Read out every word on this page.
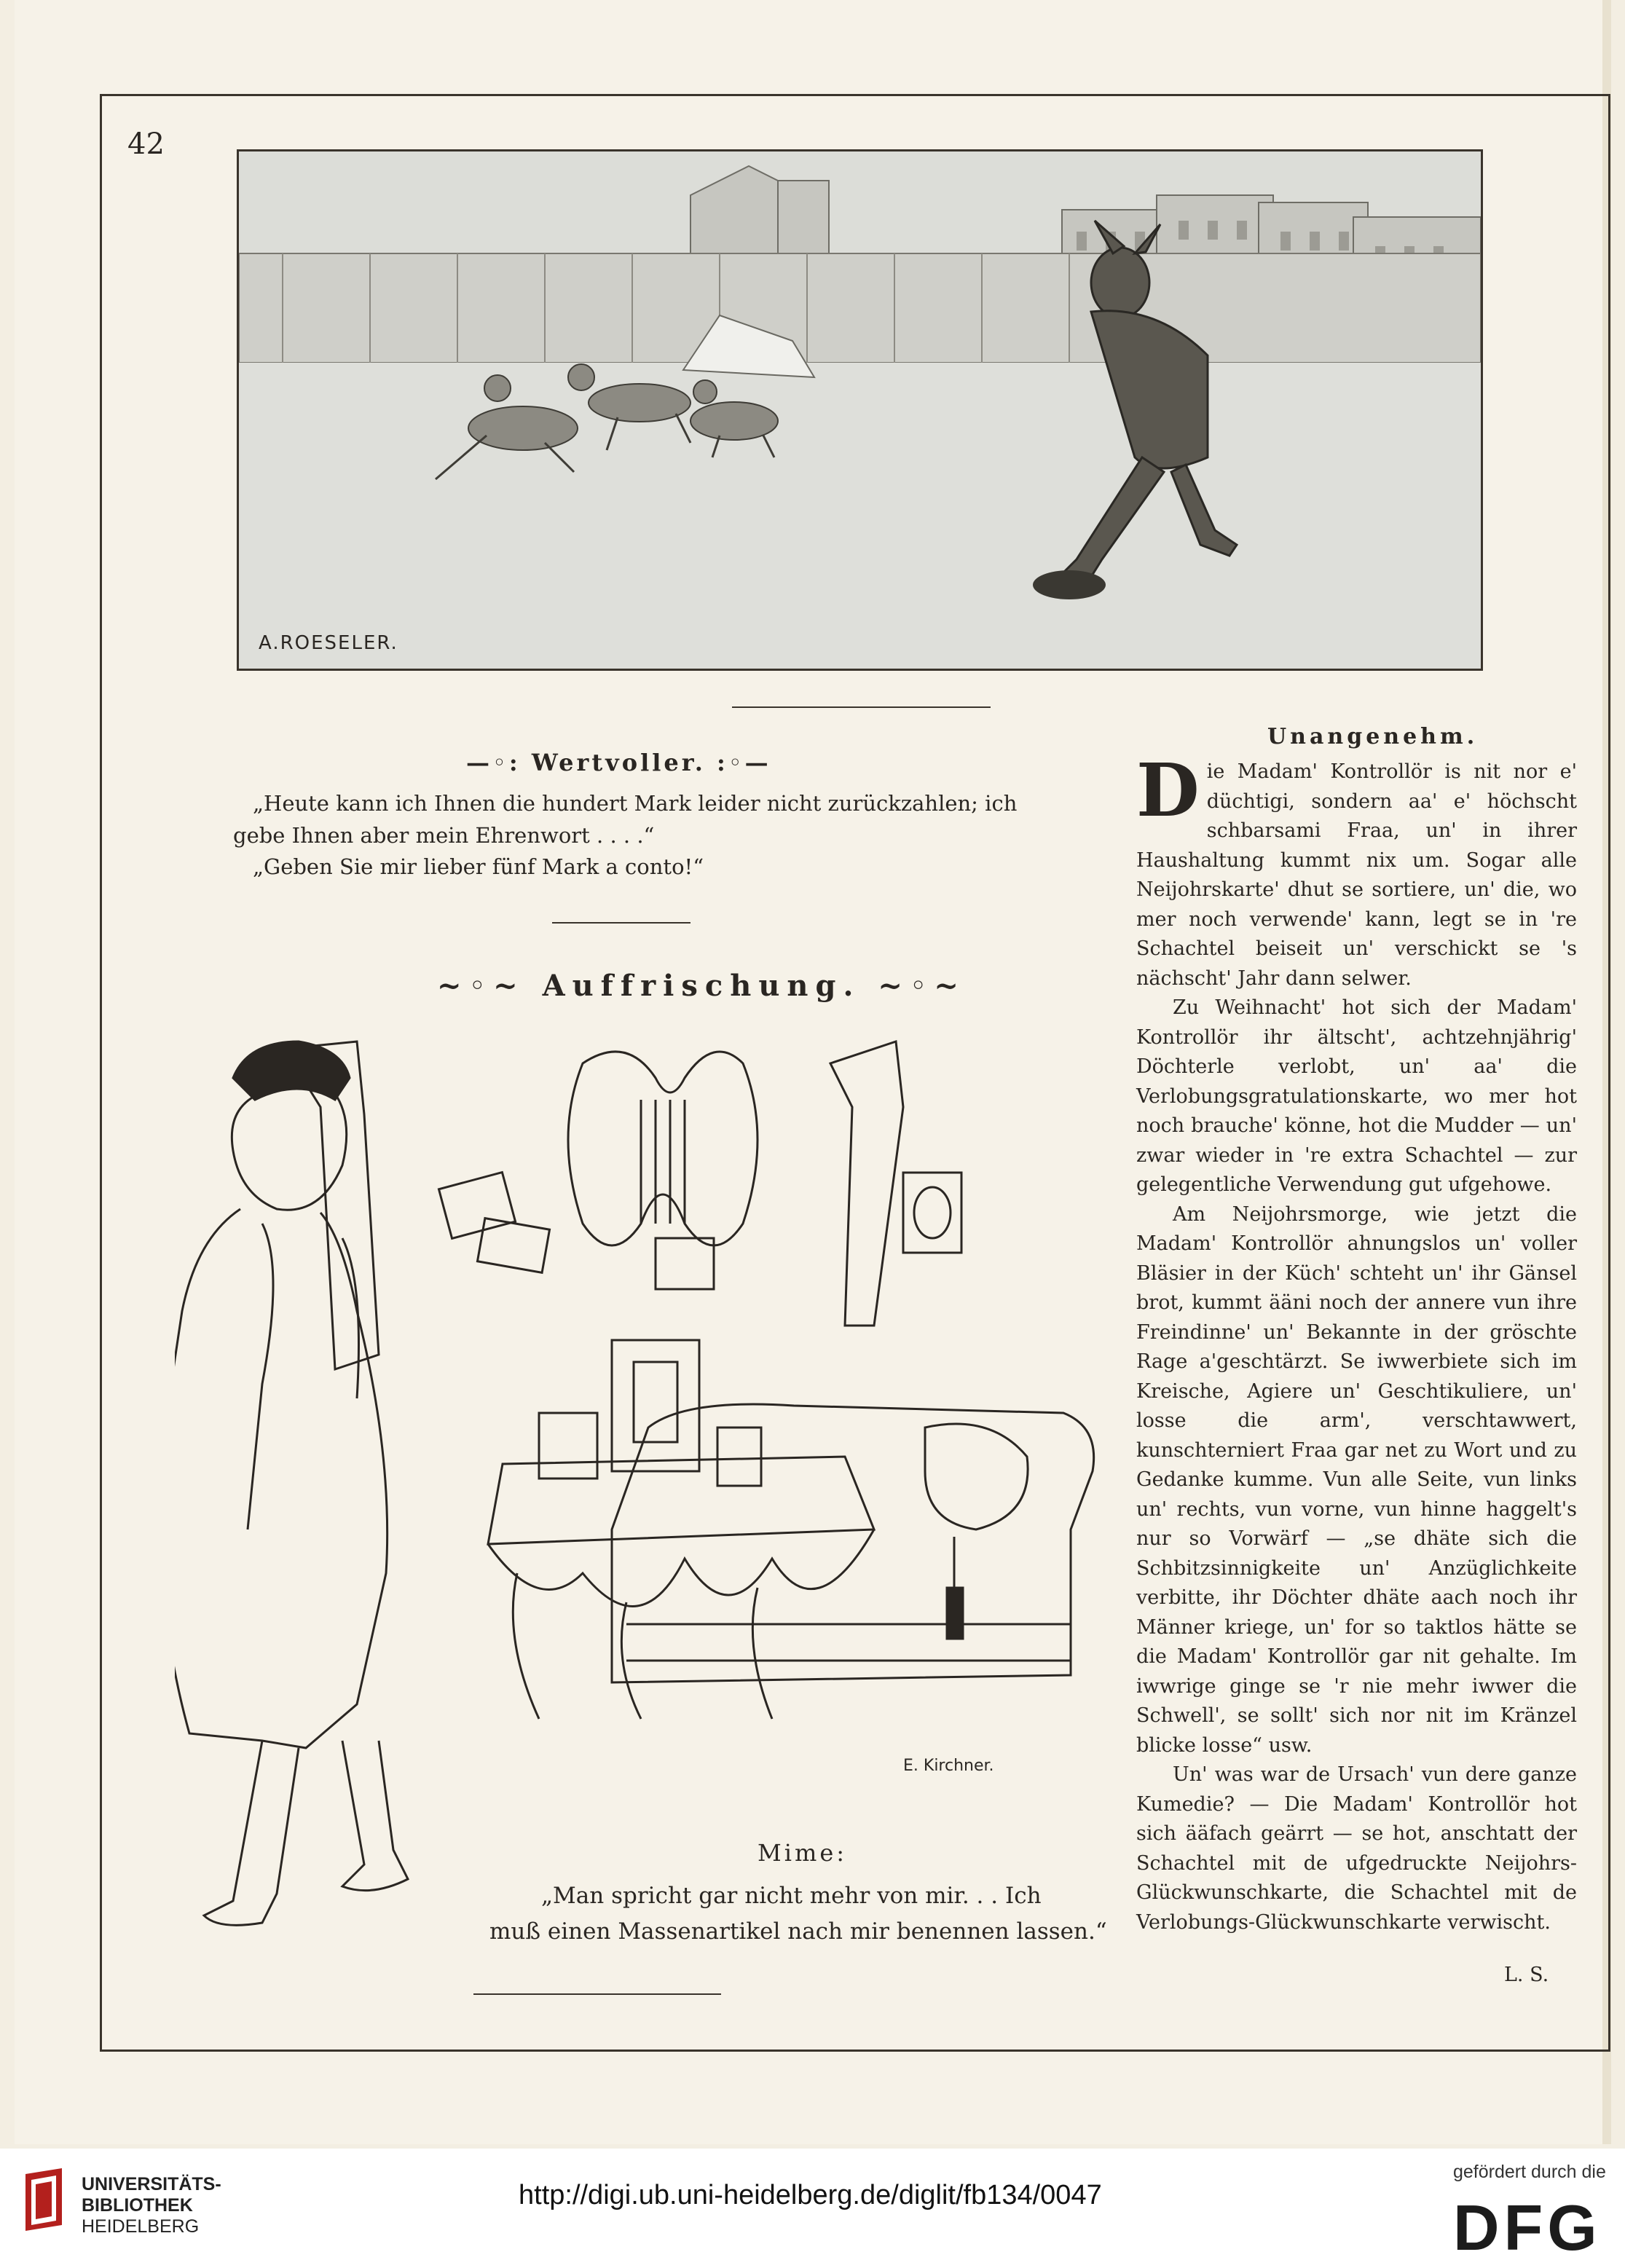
42
A.ROESELER.
—◦: Wertvoller. :◦—
„Heute kann ich Ihnen die hundert Mark leider nicht zurückzahlen; ich
gebe Ihnen aber mein Ehrenwort . . . .“
„Geben Sie mir lieber fünf Mark a conto!“
~◦~ Auffrischung. ~◦~
E. Kirchner.
Mime:
„Man spricht gar nicht mehr von mir. . . Ich
muß einen Massenartikel nach mir benennen lassen.“
Unangenehm.

Die Madam' Kontrollör is nit nor e' düchtigi, sondern aa' e' höchscht schbarsami Fraa, un' in ihrer Haushaltung kummt nix um. Sogar alle Neijohrskarte' dhut se sortiere, un' die, wo mer noch verwende' kann, legt se in 're Schachtel beiseit un' verschickt se 's nächscht' Jahr dann selwer.

Zu Weihnacht' hot sich der Madam' Kontrollör ihr ältscht', achtzehnjährig' Döchterle verlobt, un' aa' die Verlobungsgratulationskarte, wo mer hot noch brauche' könne, hot die Mudder — un' zwar wieder in 're extra Schachtel — zur gelegentliche Verwendung gut ufgehowe.

Am Neijohrsmorge, wie jetzt die Madam' Kontrollör ahnungslos un' voller Bläsier in der Küch' schteht un' ihr Gänsel brot, kummt ääni noch der annere vun ihre Freindinne' un' Bekannte in der gröschte Rage a'geschtärzt. Se iwwerbiete sich im Kreische, Agiere un' Geschtikuliere, un' losse die arm', verschtawwert, kunschterniert Fraa gar net zu Wort und zu Gedanke kumme. Vun alle Seite, vun links un' rechts, vun vorne, vun hinne haggelt's nur so Vorwärf — „se dhäte sich die Schbitzsinnigkeite un' Anzüglichkeite verbitte, ihr Döchter dhäte aach noch ihr Männer kriege, un' for so taktlos hätte se die Madam' Kontrollör gar nit gehalte. Im iwwrige ginge se 'r nie mehr iwwer die Schwell', se sollt' sich nor nit im Kränzel blicke losse“ usw.

Un' was war de Ursach' vun dere ganze Kumedie? — Die Madam' Kontrollör hot sich ääfach geärrt — se hot, anschtatt der Schachtel mit de ufgedruckte Neijohrs-Glückwunschkarte, die Schachtel mit de Verlobungs-Glückwunschkarte verwischt.

L. S.
UNIVERSITÄTS-
BIBLIOTHEK
HEIDELBERG
http://digi.ub.uni-heidelberg.de/diglit/fb134/0047
gefördert durch die
DFG
